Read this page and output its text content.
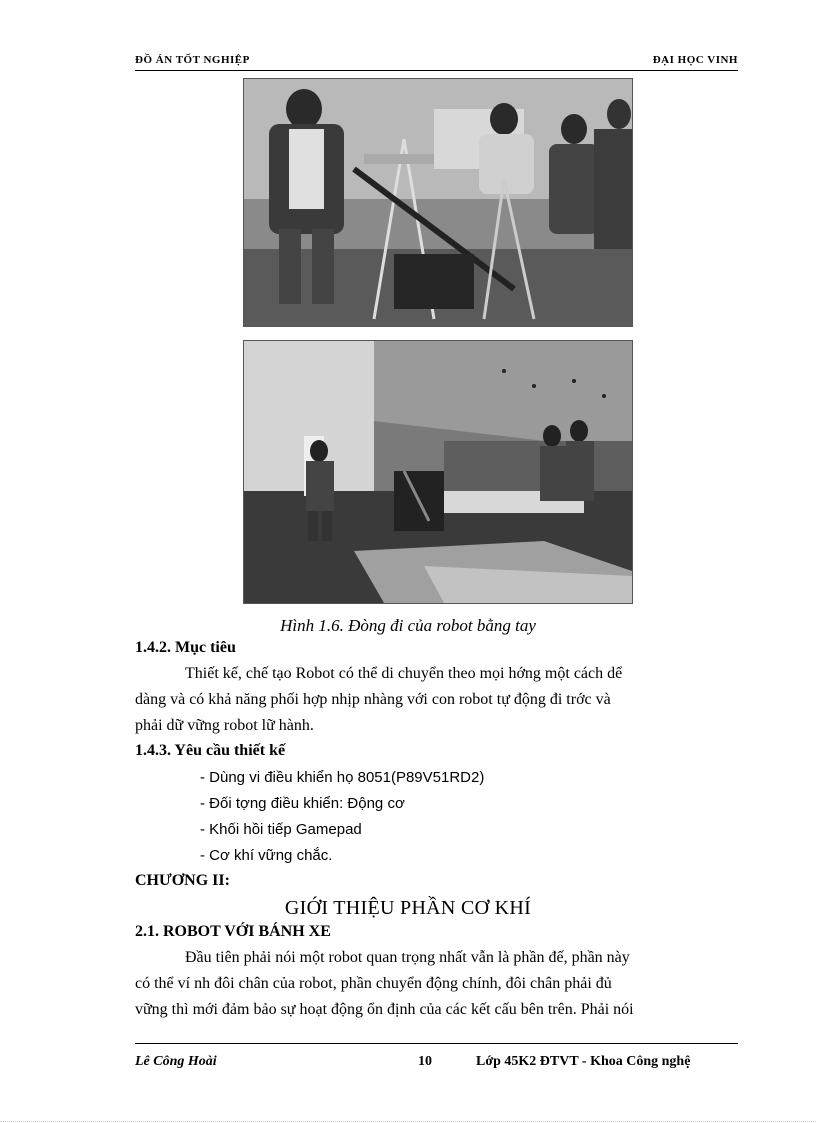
ĐỒ ÁN TỐT NGHIỆP	ĐẠI HỌC VINH
Hình 1.6. Đòng đi của robot bằng tay
1.4.2. Mục tiêu
Thiết kế, chế tạo Robot có thể di chuyển theo mọi hớng một cách dể
dàng và có khả năng phối hợp nhịp nhàng với con robot tự động đi trớc và
phải dữ vững robot lữ hành.
1.4.3. Yêu cầu thiết kế
- Dùng vi điều khiển họ 8051(P89V51RD2)
- Đối tợng điều khiển: Động cơ
- Khối hồi tiếp Gamepad
- Cơ khí vững chắc.
CHƯƠNG II:
GIỚI THIỆU PHẦN CƠ KHÍ
2.1. ROBOT VỚI BÁNH XE
Đầu tiên phải nói một robot quan trọng nhất vẫn là phần đế, phần này
có thể ví nh đôi chân của robot, phần chuyển động chính, đôi chân phải đủ
vững thì mới đảm bảo sự hoạt động ổn định của các kết cấu bên trên. Phải nói
Lê Công Hoài	10	Lớp 45K2 ĐTVT - Khoa Công nghệ
